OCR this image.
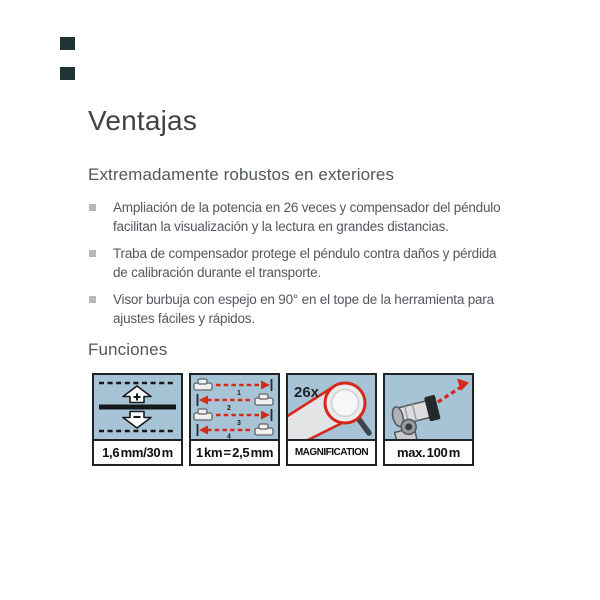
Ventajas
Extremadamente robustos en exteriores
Ampliación de la potencia en 26 veces y compensador del péndulo facilitan la visualización y la lectura en grandes distancias.
Traba de compensador protege el péndulo contra daños y pérdida de calibración durante el transporte.
Visor burbuja con espejo en 90° en el tope de la herramienta para ajustes fáciles y rápidos.
Funciones
1,6 mm/30 m
1
2
3
4
1 km = 2,5 mm
26x
MAGNIFICATION	max. 100 m
